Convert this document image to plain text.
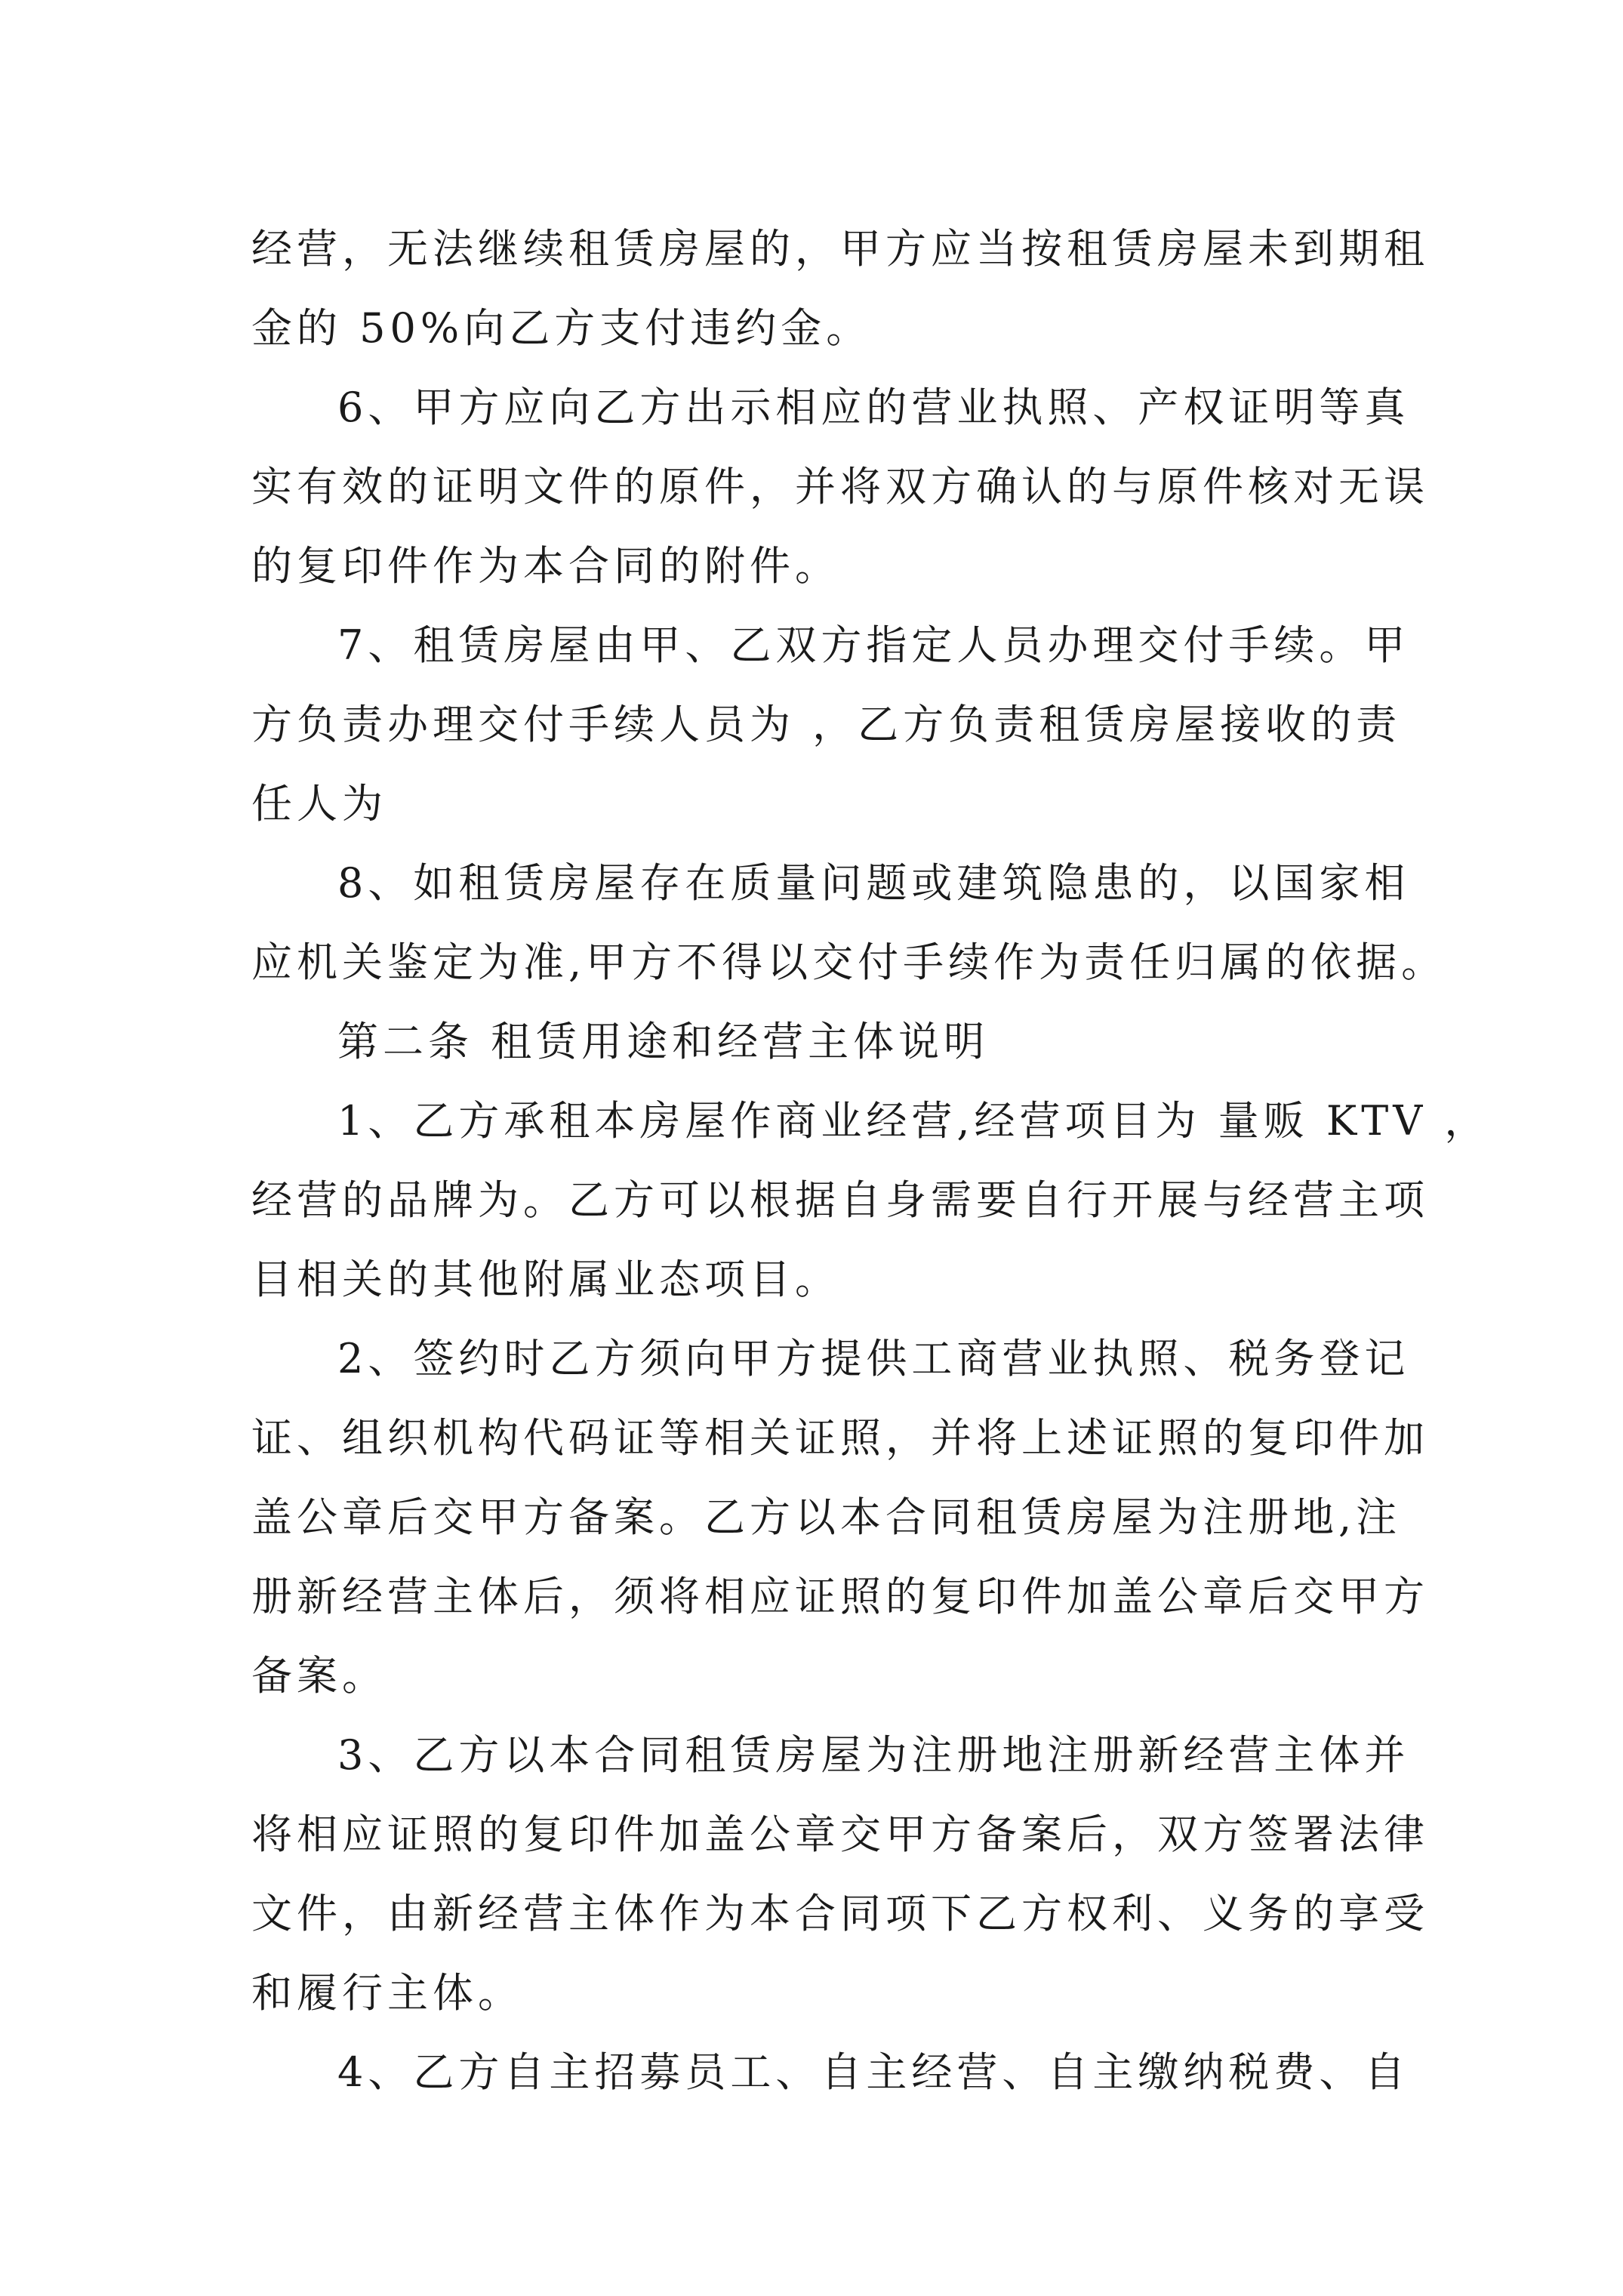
经营，无法继续租赁房屋的，甲方应当按租赁房屋未到期租
金的 50%向乙方支付违约金。
6、甲方应向乙方出示相应的营业执照、产权证明等真
实有效的证明文件的原件，并将双方确认的与原件核对无误
的复印件作为本合同的附件。
7、租赁房屋由甲、乙双方指定人员办理交付手续。甲
方负责办理交付手续人员为 ，乙方负责租赁房屋接收的责
任人为
8、如租赁房屋存在质量问题或建筑隐患的，以国家相
应机关鉴定为准,甲方不得以交付手续作为责任归属的依据。
第二条 租赁用途和经营主体说明
1、乙方承租本房屋作商业经营,经营项目为 量贩 KTV ，
经营的品牌为。乙方可以根据自身需要自行开展与经营主项
目相关的其他附属业态项目。
2、签约时乙方须向甲方提供工商营业执照、税务登记
证、组织机构代码证等相关证照，并将上述证照的复印件加
盖公章后交甲方备案。乙方以本合同租赁房屋为注册地,注
册新经营主体后，须将相应证照的复印件加盖公章后交甲方
备案。
3、乙方以本合同租赁房屋为注册地注册新经营主体并
将相应证照的复印件加盖公章交甲方备案后，双方签署法律
文件，由新经营主体作为本合同项下乙方权利、义务的享受
和履行主体。
4、乙方自主招募员工、自主经营、自主缴纳税费、自
